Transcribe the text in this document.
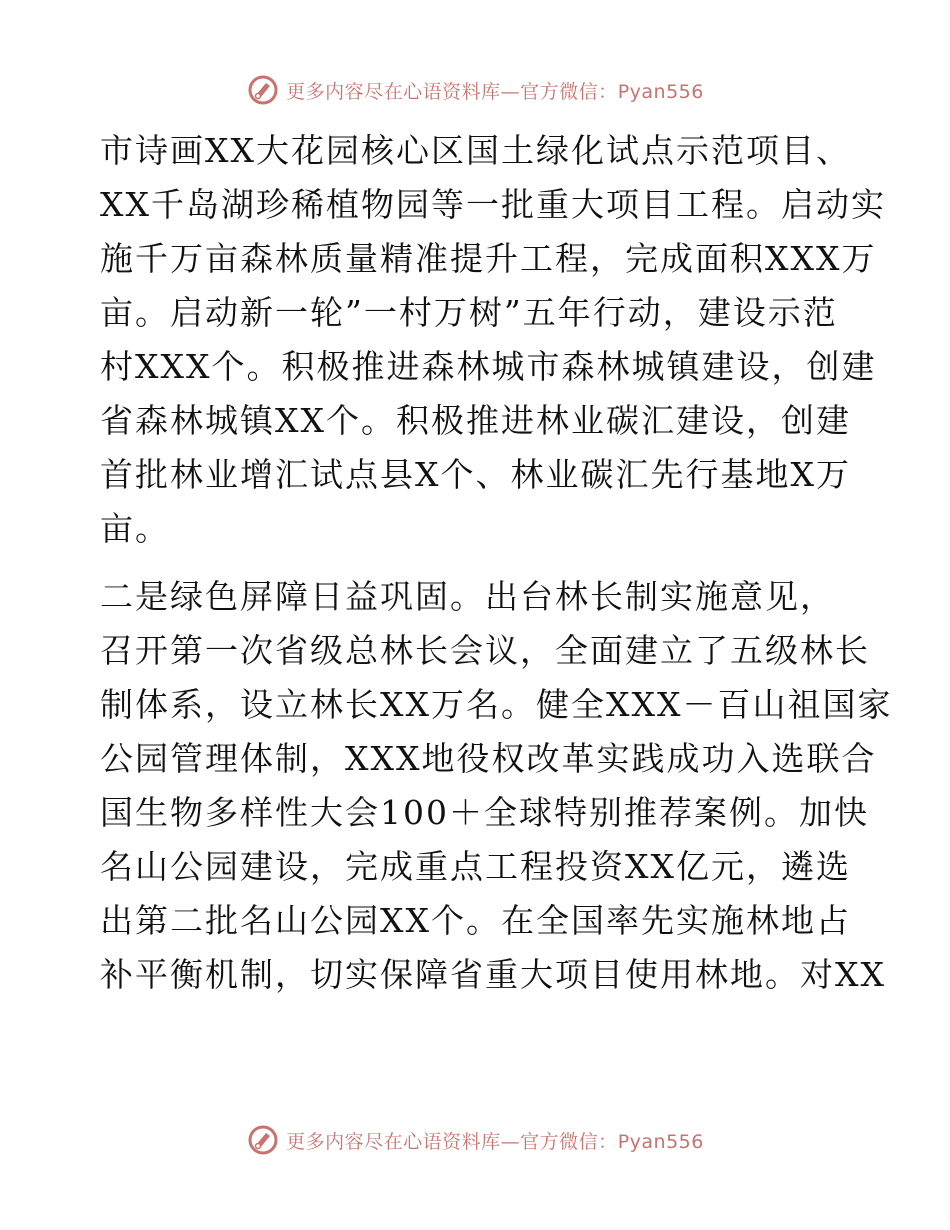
更多内容尽在心语资料库—官方微信：Pyan556

市诗画XX大花园核心区国土绿化试点示范项目、
XX千岛湖珍稀植物园等一批重大项目工程。启动实
施千万亩森林质量精准提升工程，完成面积XXX万
亩。启动新一轮”一村万树”五年行动，建设示范
村XXX个。积极推进森林城市森林城镇建设，创建
省森林城镇XX个。积极推进林业碳汇建设，创建
首批林业增汇试点县X个、林业碳汇先行基地X万
亩。

二是绿色屏障日益巩固。出台林长制实施意见，
召开第一次省级总林长会议，全面建立了五级林长
制体系，设立林长XX万名。健全XXX－百山祖国家
公园管理体制，XXX地役权改革实践成功入选联合
国生物多样性大会100＋全球特别推荐案例。加快
名山公园建设，完成重点工程投资XX亿元，遴选
出第二批名山公园XX个。在全国率先实施林地占
补平衡机制，切实保障省重大项目使用林地。对XX

更多内容尽在心语资料库—官方微信：Pyan556
